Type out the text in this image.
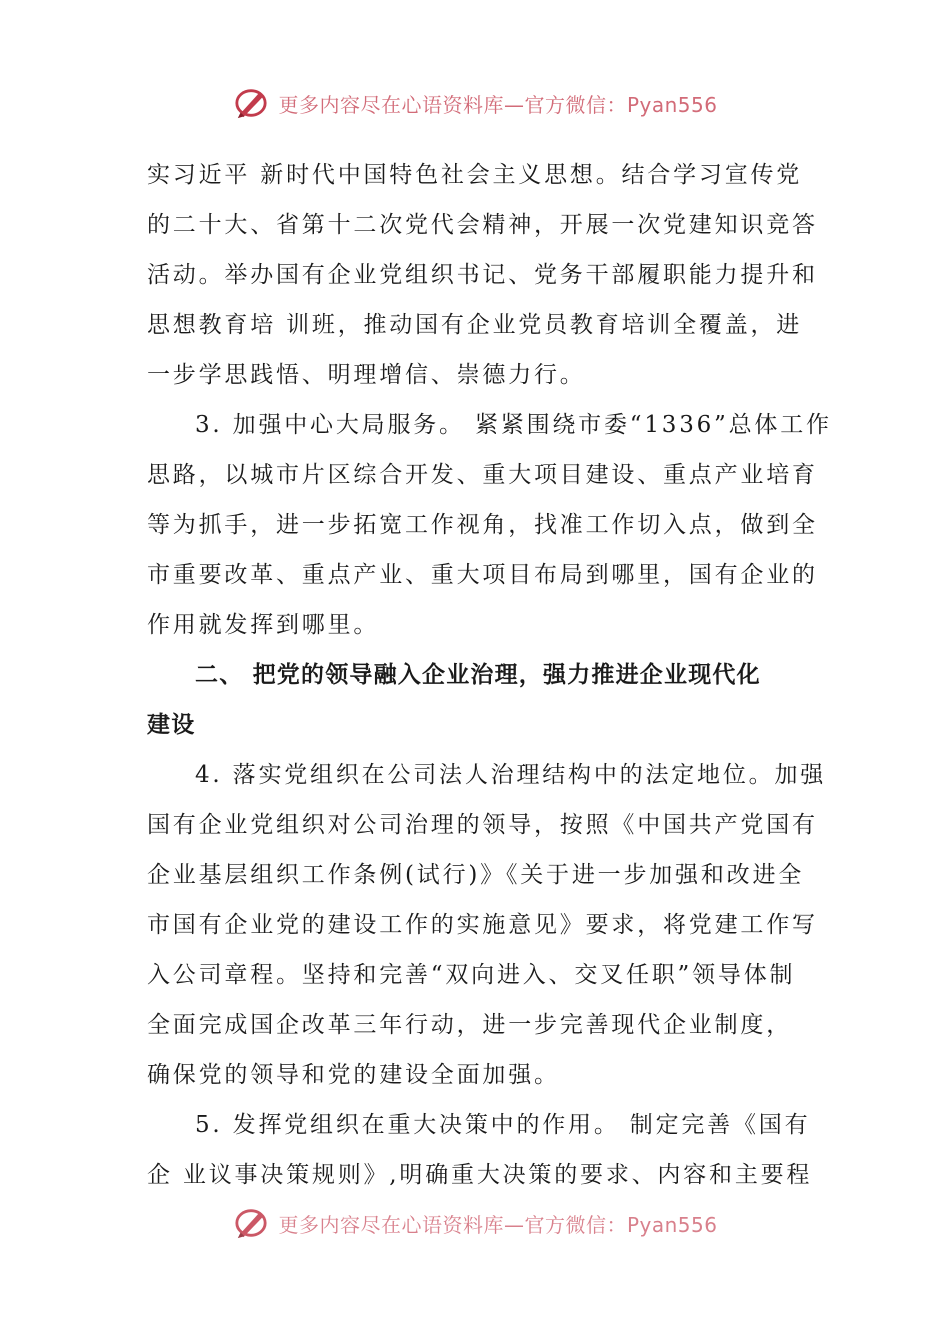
更多内容尽在心语资料库—官方微信：Pyan556
实习近平 新时代中国特色社会主义思想。结合学习宣传党
的二十大、省第十二次党代会精神，开展一次党建知识竞答
活动。举办国有企业党组织书记、党务干部履职能力提升和
思想教育培 训班，推动国有企业党员教育培训全覆盖，进
一步学思践悟、明理增信、崇德力行。
3. 加强中心大局服务。 紧紧围绕市委“1336”总体工作
思路，以城市片区综合开发、重大项目建设、重点产业培育
等为抓手，进一步拓宽工作视角，找准工作切入点，做到全
市重要改革、重点产业、重大项目布局到哪里，国有企业的
作用就发挥到哪里。
二、 把党的领导融入企业治理，强力推进企业现代化
建设
4. 落实党组织在公司法人治理结构中的法定地位。加强
国有企业党组织对公司治理的领导，按照《中国共产党国有
企业基层组织工作条例(试行)》《关于进一步加强和改进全
市国有企业党的建设工作的实施意见》要求，将党建工作写
入公司章程。坚持和完善“双向进入、交叉任职”领导体制
全面完成国企改革三年行动，进一步完善现代企业制度，
确保党的领导和党的建设全面加强。
5. 发挥党组织在重大决策中的作用。 制定完善《国有
企 业议事决策规则》,明确重大决策的要求、内容和主要程
更多内容尽在心语资料库—官方微信：Pyan556
